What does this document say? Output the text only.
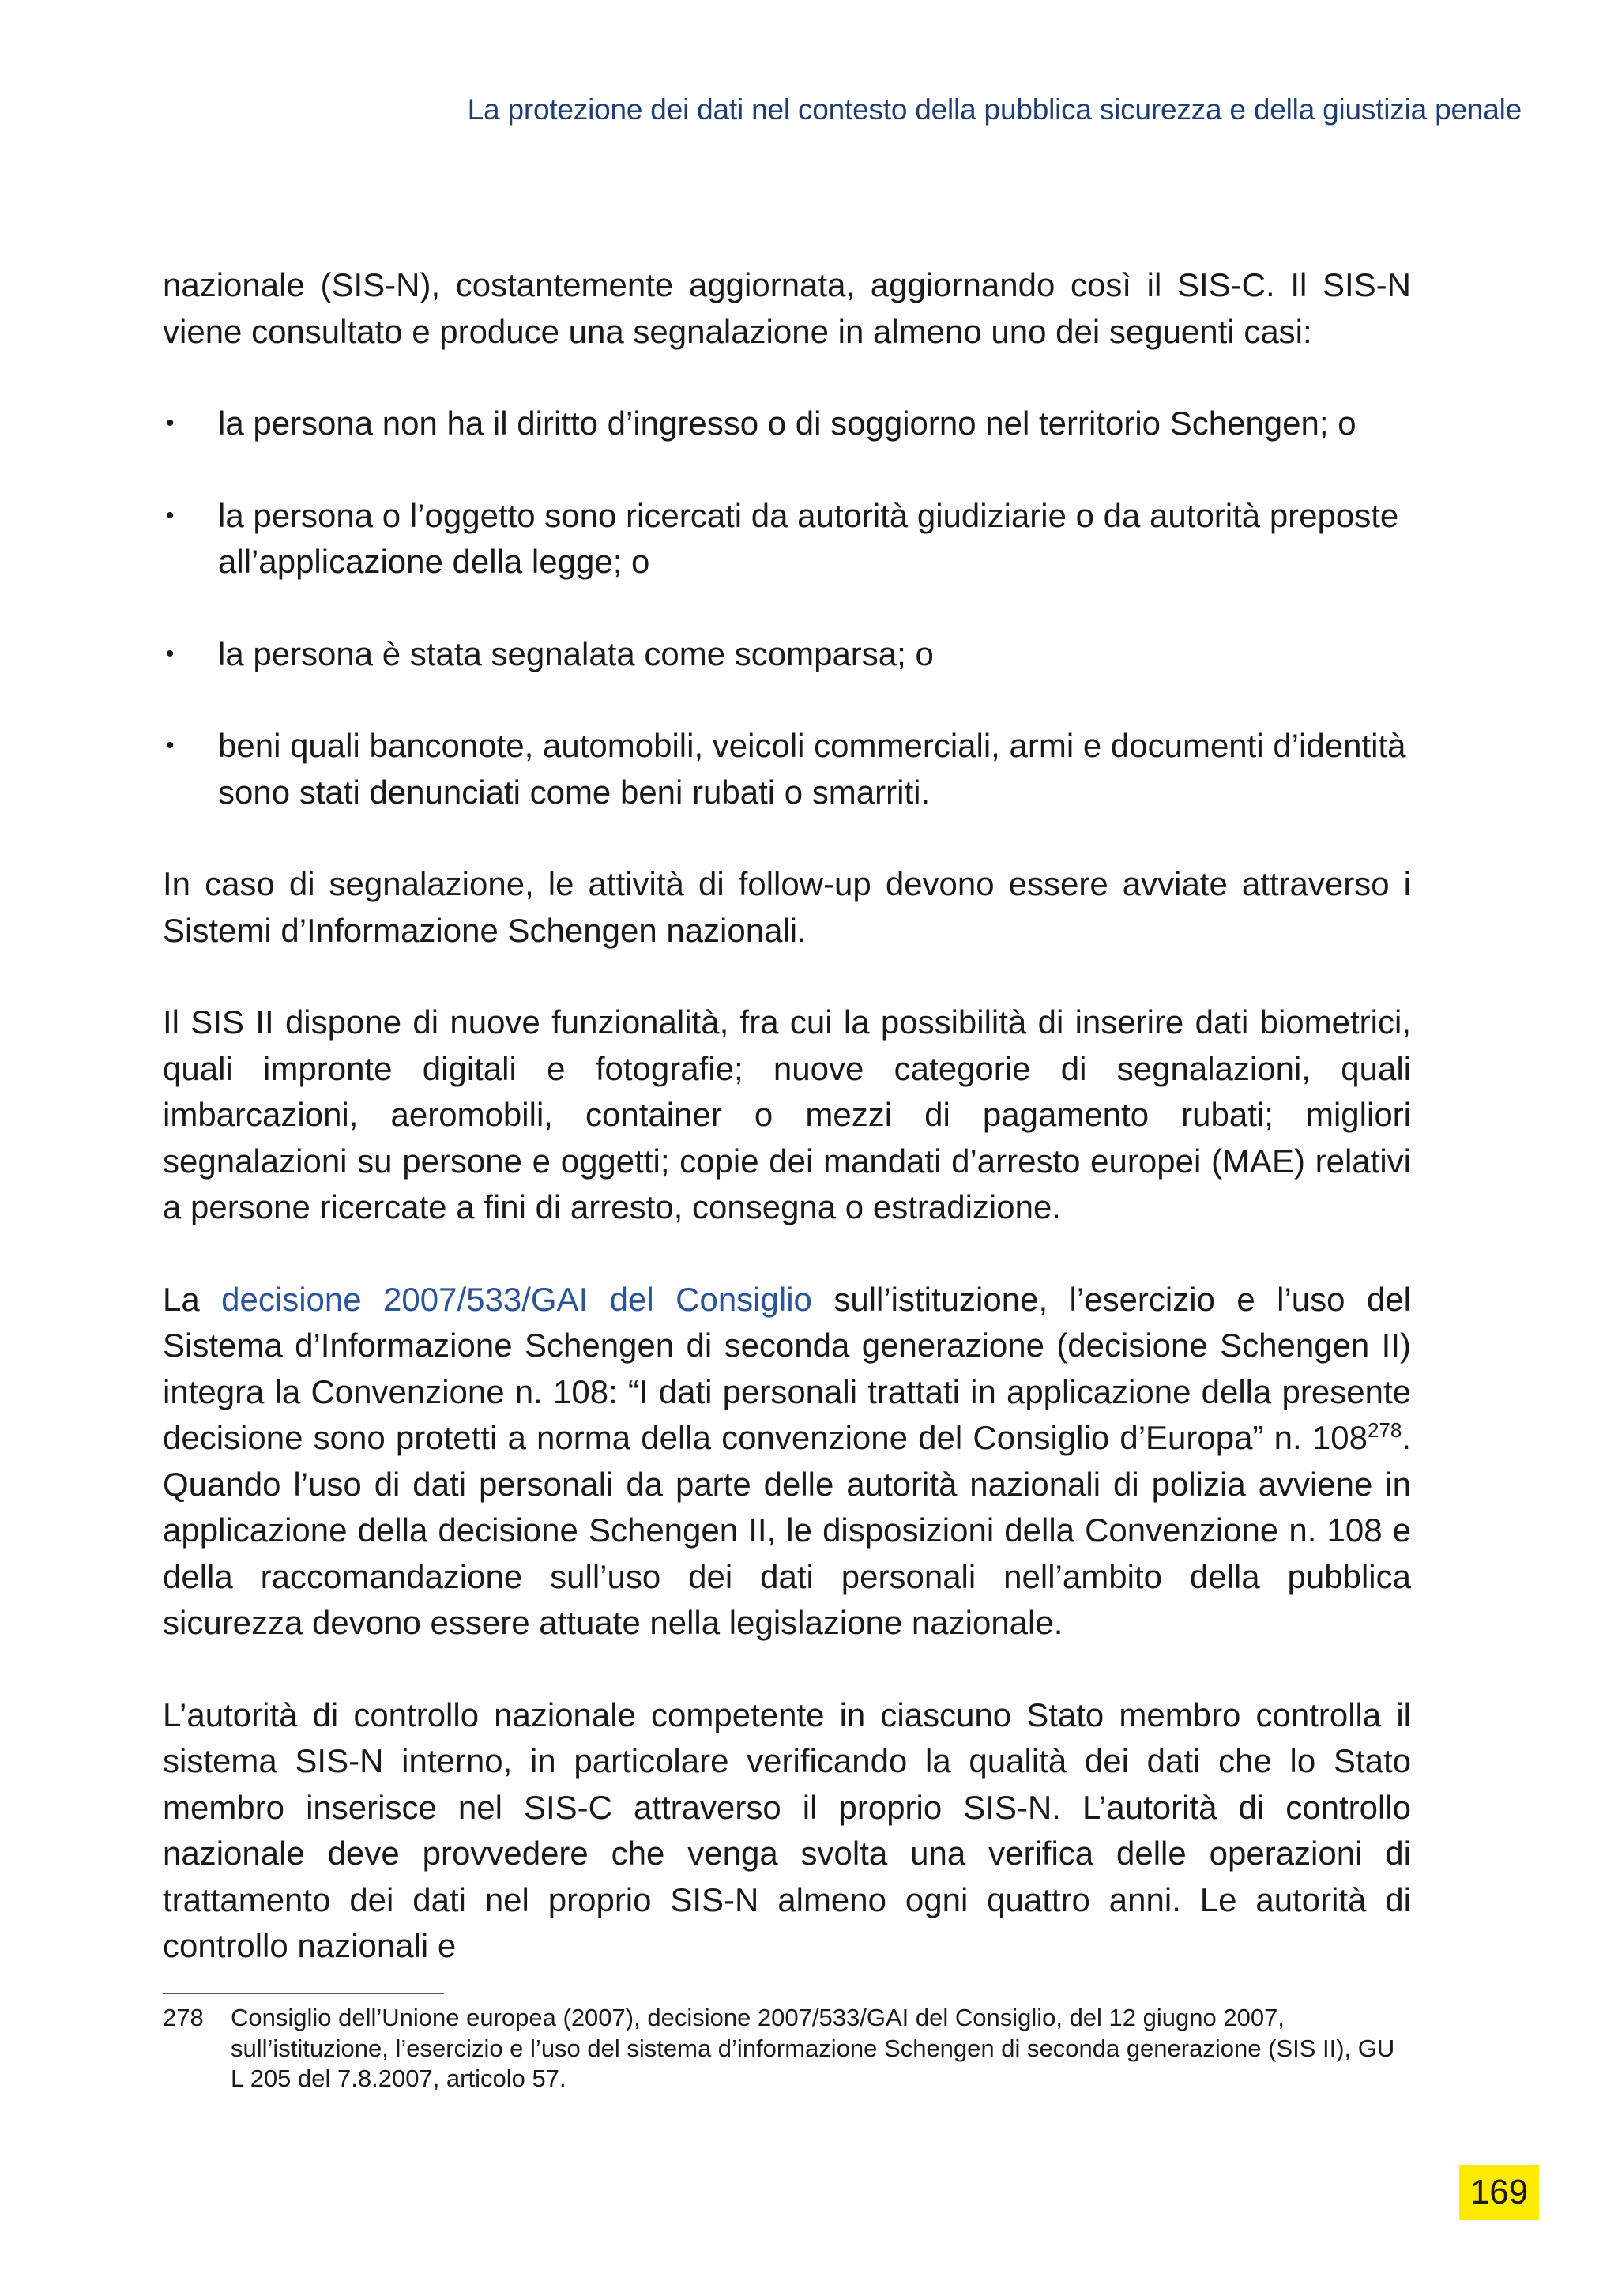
La protezione dei dati nel contesto della pubblica sicurezza e della giustizia penale

nazionale (SIS-N), costantemente aggiornata, aggiornando così il SIS-C. Il SIS-N viene consultato e produce una segnalazione in almeno uno dei seguenti casi:

• la persona non ha il diritto d’ingresso o di soggiorno nel territorio Schengen; o
• la persona o l’oggetto sono ricercati da autorità giudiziarie o da autorità preposte all’applicazione della legge; o
• la persona è stata segnalata come scomparsa; o
• beni quali banconote, automobili, veicoli commerciali, armi e documenti d’identità sono stati denunciati come beni rubati o smarriti.

In caso di segnalazione, le attività di follow-up devono essere avviate attraverso i Sistemi d’Informazione Schengen nazionali.

Il SIS II dispone di nuove funzionalità, fra cui la possibilità di inserire dati biometrici, quali impronte digitali e fotografie; nuove categorie di segnalazioni, quali imbarcazioni, aeromobili, container o mezzi di pagamento rubati; migliori segnalazioni su persone e oggetti; copie dei mandati d’arresto europei (MAE) relativi a persone ricercate a fini di arresto, consegna o estradizione.

La decisione 2007/533/GAI del Consiglio sull’istituzione, l’esercizio e l’uso del Sistema d’Informazione Schengen di seconda generazione (decisione Schengen II) integra la Convenzione n. 108: “I dati personali trattati in applicazione della presente decisione sono protetti a norma della convenzione del Consiglio d’Europa” n. $108^{278}$. Quando l’uso di dati personali da parte delle autorità nazionali di polizia avviene in applicazione della decisione Schengen II, le disposizioni della Convenzione n. 108 e della raccomandazione sull’uso dei dati personali nell’ambito della pubblica sicurezza devono essere attuate nella legislazione nazionale.

L’autorità di controllo nazionale competente in ciascuno Stato membro controlla il sistema SIS-N interno, in particolare verificando la qualità dei dati che lo Stato membro inserisce nel SIS-C attraverso il proprio SIS-N. L’autorità di controllo nazionale deve provvedere che venga svolta una verifica delle operazioni di trattamento dei dati nel proprio SIS-N almeno ogni quattro anni. Le autorità di controllo nazionali e

278 Consiglio dell’Unione europea (2007), decisione 2007/533/GAI del Consiglio, del 12 giugno 2007, sull’istituzione, l’esercizio e l’uso del sistema d’informazione Schengen di seconda generazione (SIS II), GU L 205 del 7.8.2007, articolo 57.
169
